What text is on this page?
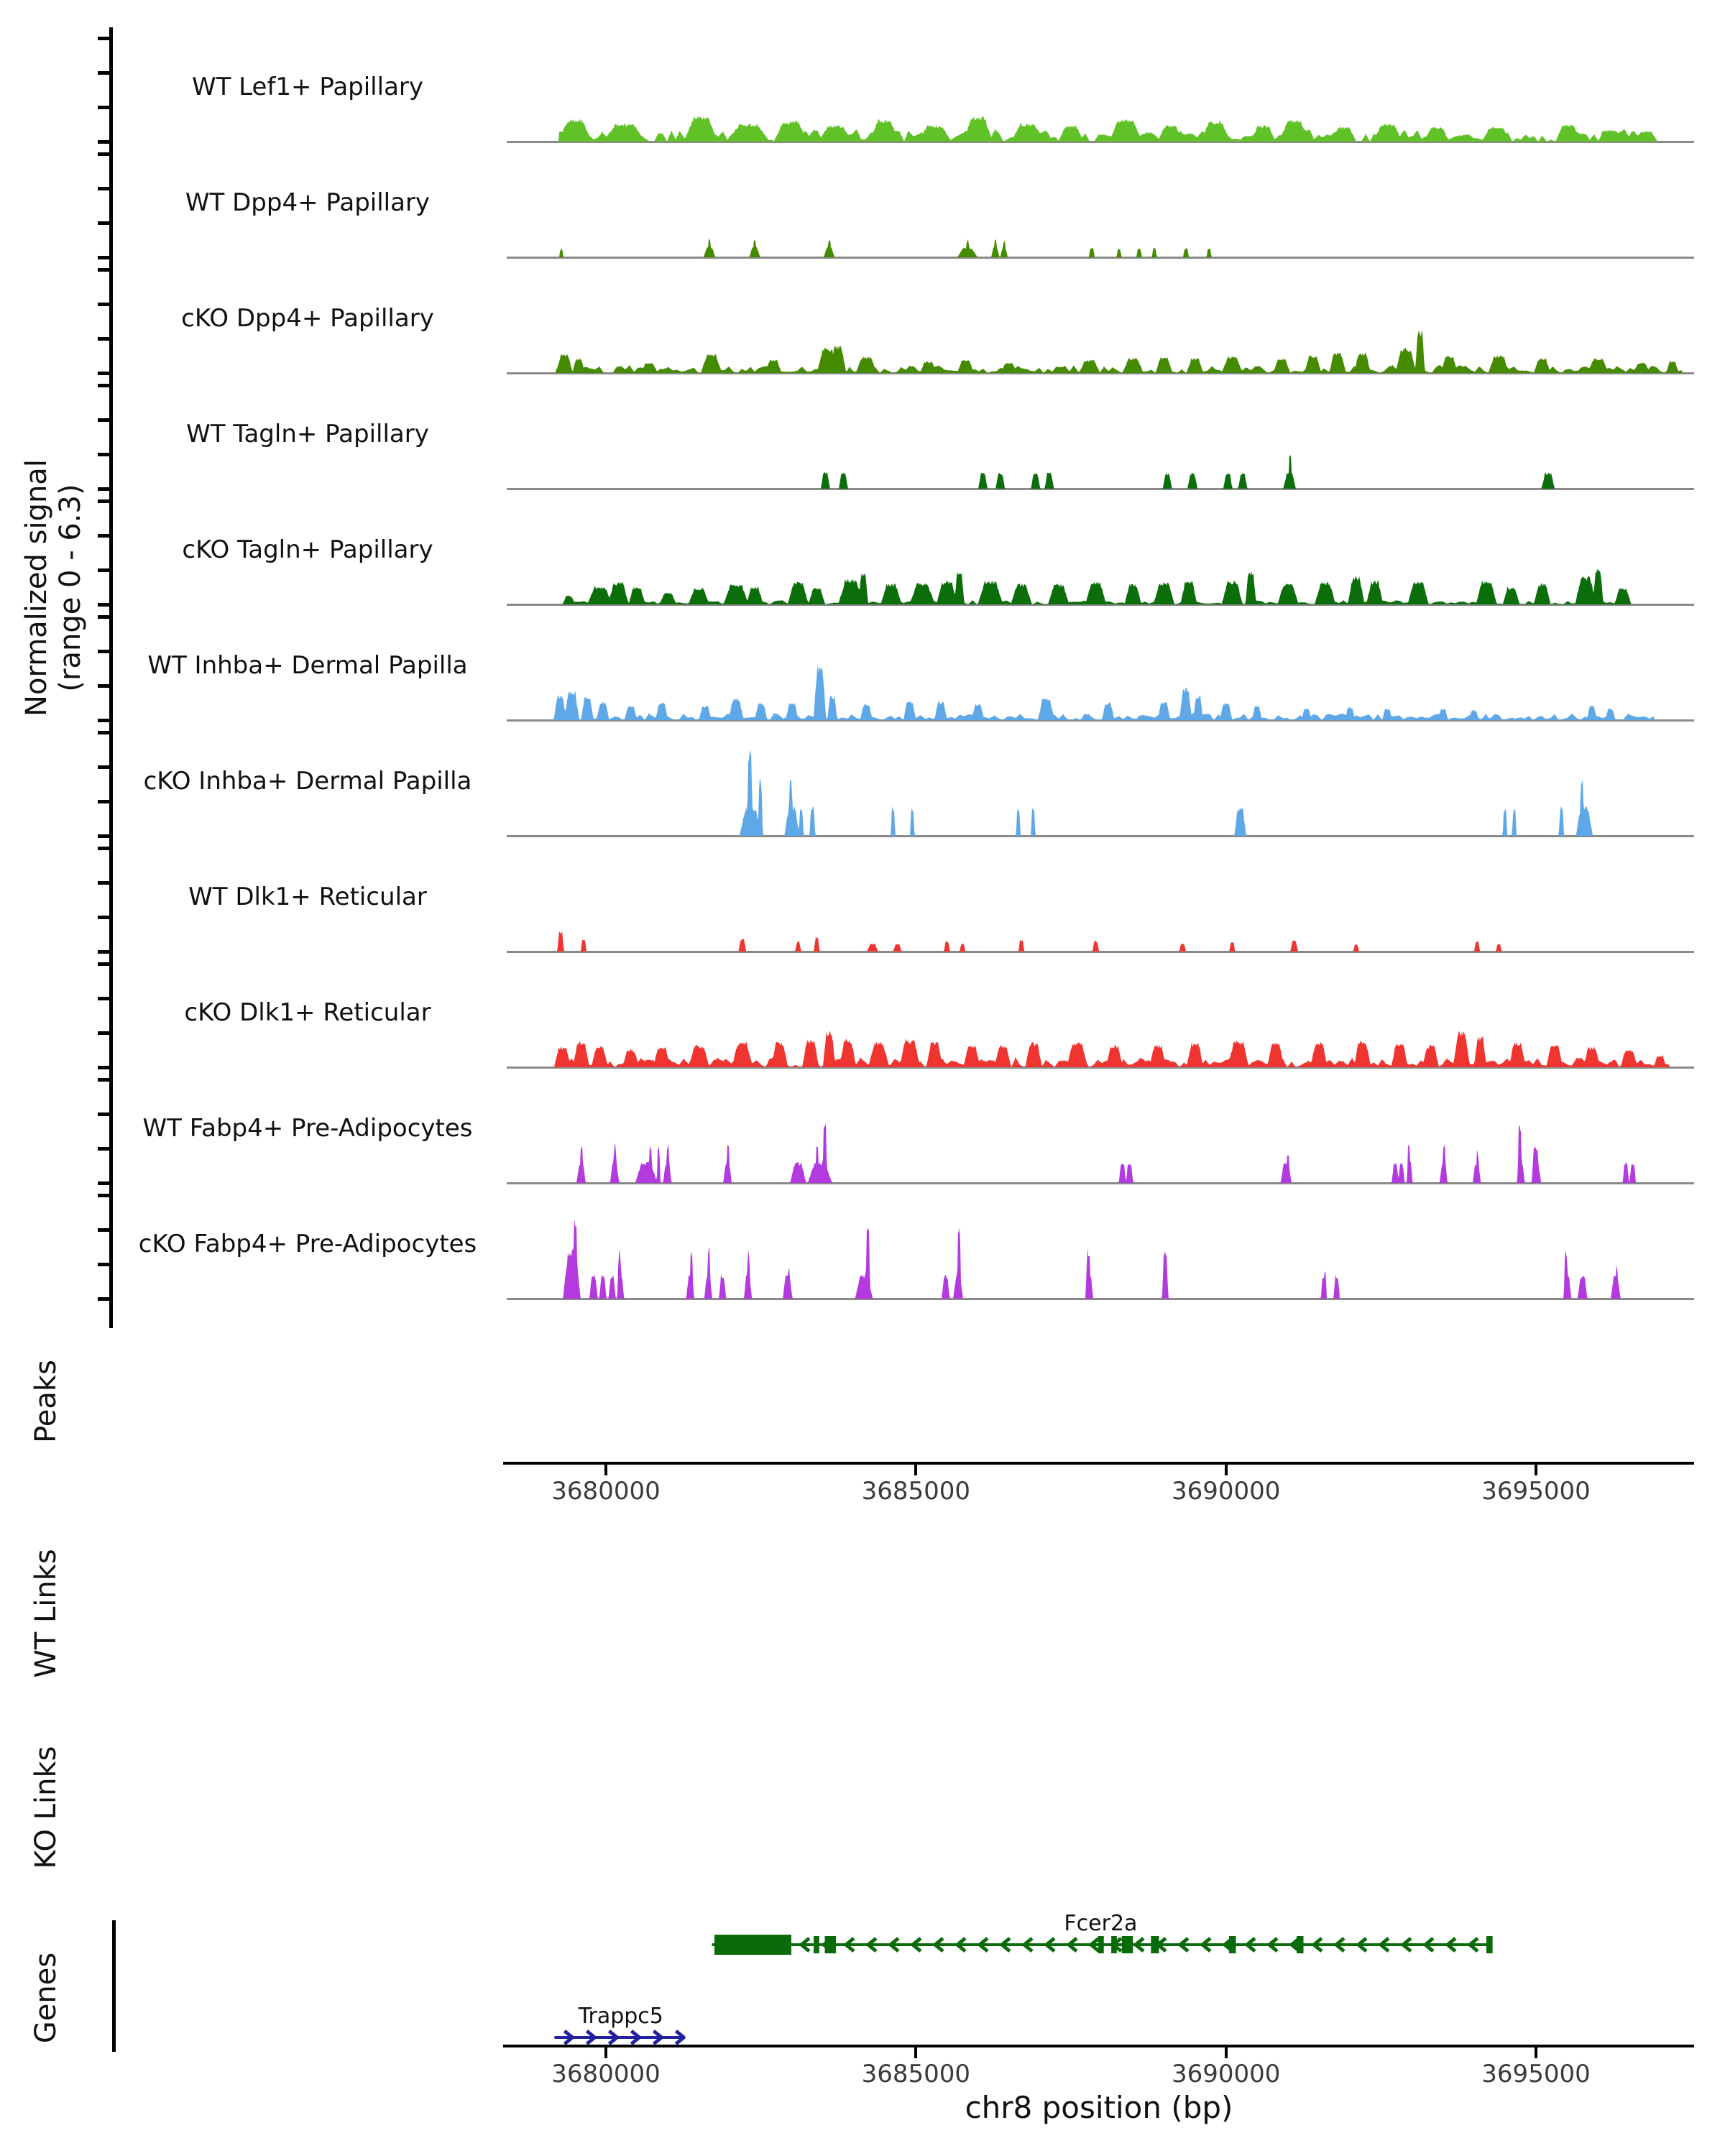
Normalized signal
(range 0 - 6.3)
WT Lef1+ Papillary
WT Dpp4+ Papillary
cKO Dpp4+ Papillary
WT Tagln+ Papillary
cKO Tagln+ Papillary
WT Inhba+ Dermal Papilla
cKO Inhba+ Dermal Papilla
WT Dlk1+ Reticular
cKO Dlk1+ Reticular
WT Fabp4+ Pre-Adipocytes
cKO Fabp4+ Pre-Adipocytes
Peaks
WT Links
KO Links
Genes
3680000	3685000	3690000	3695000
Fcer2a
Trappc5
3680000	3685000	3690000	3695000
chr8 position (bp)
